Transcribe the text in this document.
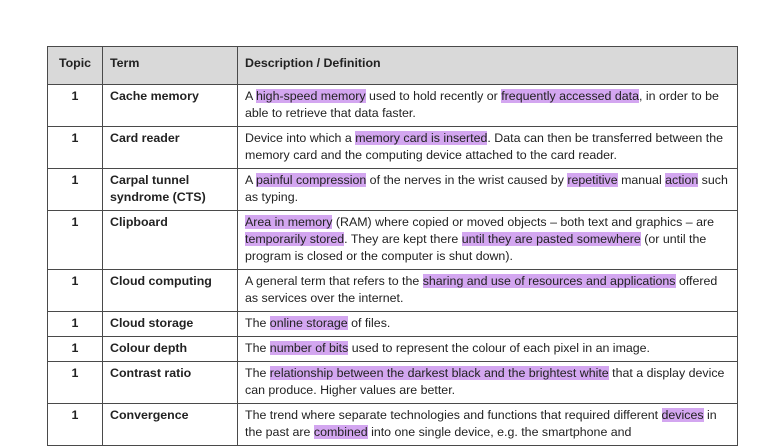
Topic	Term	Description / Definition
1	Cache memory	A high-speed memory used to hold recently or frequently accessed data, in order to be able to retrieve that data faster.
1	Card reader	Device into which a memory card is inserted. Data can then be transferred between the memory card and the computing device attached to the card reader.
1	Carpal tunnel syndrome (CTS)	A painful compression of the nerves in the wrist caused by repetitive manual action such as typing.
1	Clipboard	Area in memory (RAM) where copied or moved objects – both text and graphics – are temporarily stored. They are kept there until they are pasted somewhere (or until the program is closed or the computer is shut down).
1	Cloud computing	A general term that refers to the sharing and use of resources and applications offered as services over the internet.
1	Cloud storage	The online storage of files.
1	Colour depth	The number of bits used to represent the colour of each pixel in an image.
1	Contrast ratio	The relationship between the darkest black and the brightest white that a display device can produce. Higher values are better.
1	Convergence	The trend where separate technologies and functions that required different devices in the past are combined into one single device, e.g. the smartphone and
